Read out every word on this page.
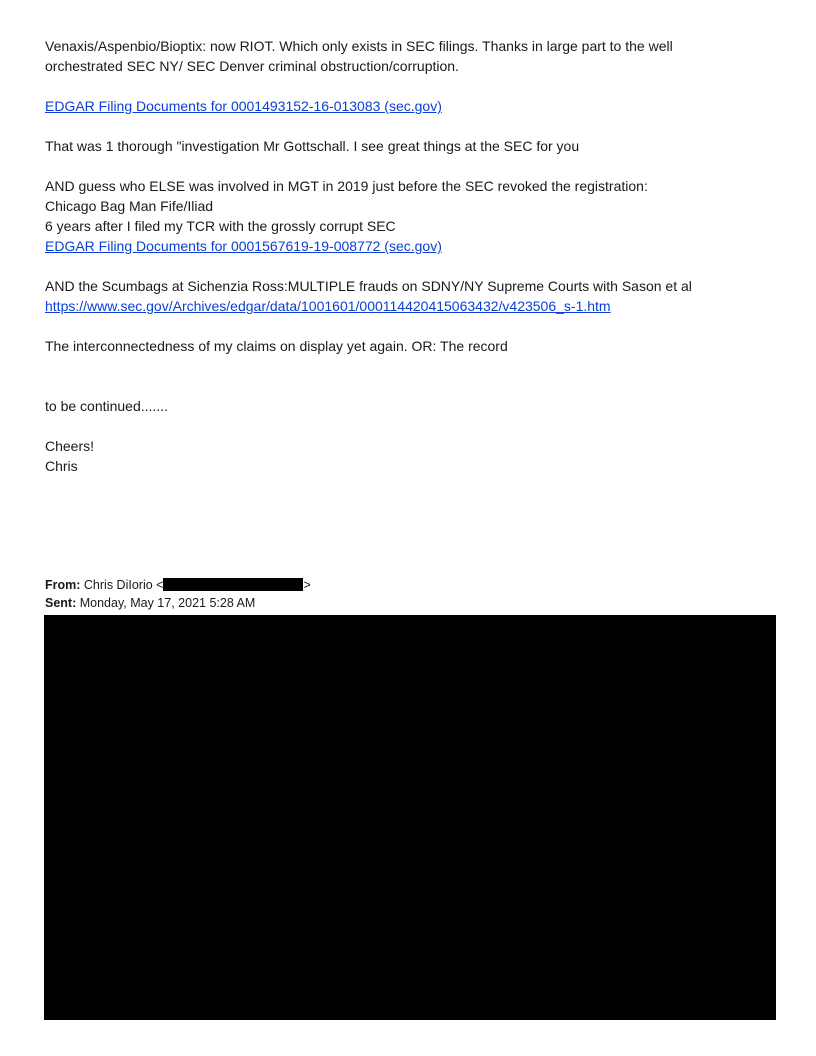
Venaxis/Aspenbio/Bioptix: now RIOT. Which only exists in SEC filings. Thanks in large part to the well
orchestrated SEC NY/ SEC Denver criminal obstruction/corruption.
EDGAR Filing Documents for 0001493152-16-013083 (sec.gov)
That was 1 thorough "investigation Mr Gottschall. I see great things at the SEC for you
AND guess who ELSE was involved in MGT in 2019 just before the SEC revoked the registration:
Chicago Bag Man Fife/Iliad
6 years after I filed my TCR with the grossly corrupt SEC
EDGAR Filing Documents for 0001567619-19-008772 (sec.gov)
AND the Scumbags at Sichenzia Ross:MULTIPLE frauds on SDNY/NY Supreme Courts with Sason et al
https://www.sec.gov/Archives/edgar/data/1001601/000114420415063432/v423506_s-1.htm
The interconnectedness of my claims on display yet again. OR: The record
to be continued.......
Cheers!
Chris
From: Chris DiIorio <	>
Sent: Monday, May 17, 2021 5:28 AM
